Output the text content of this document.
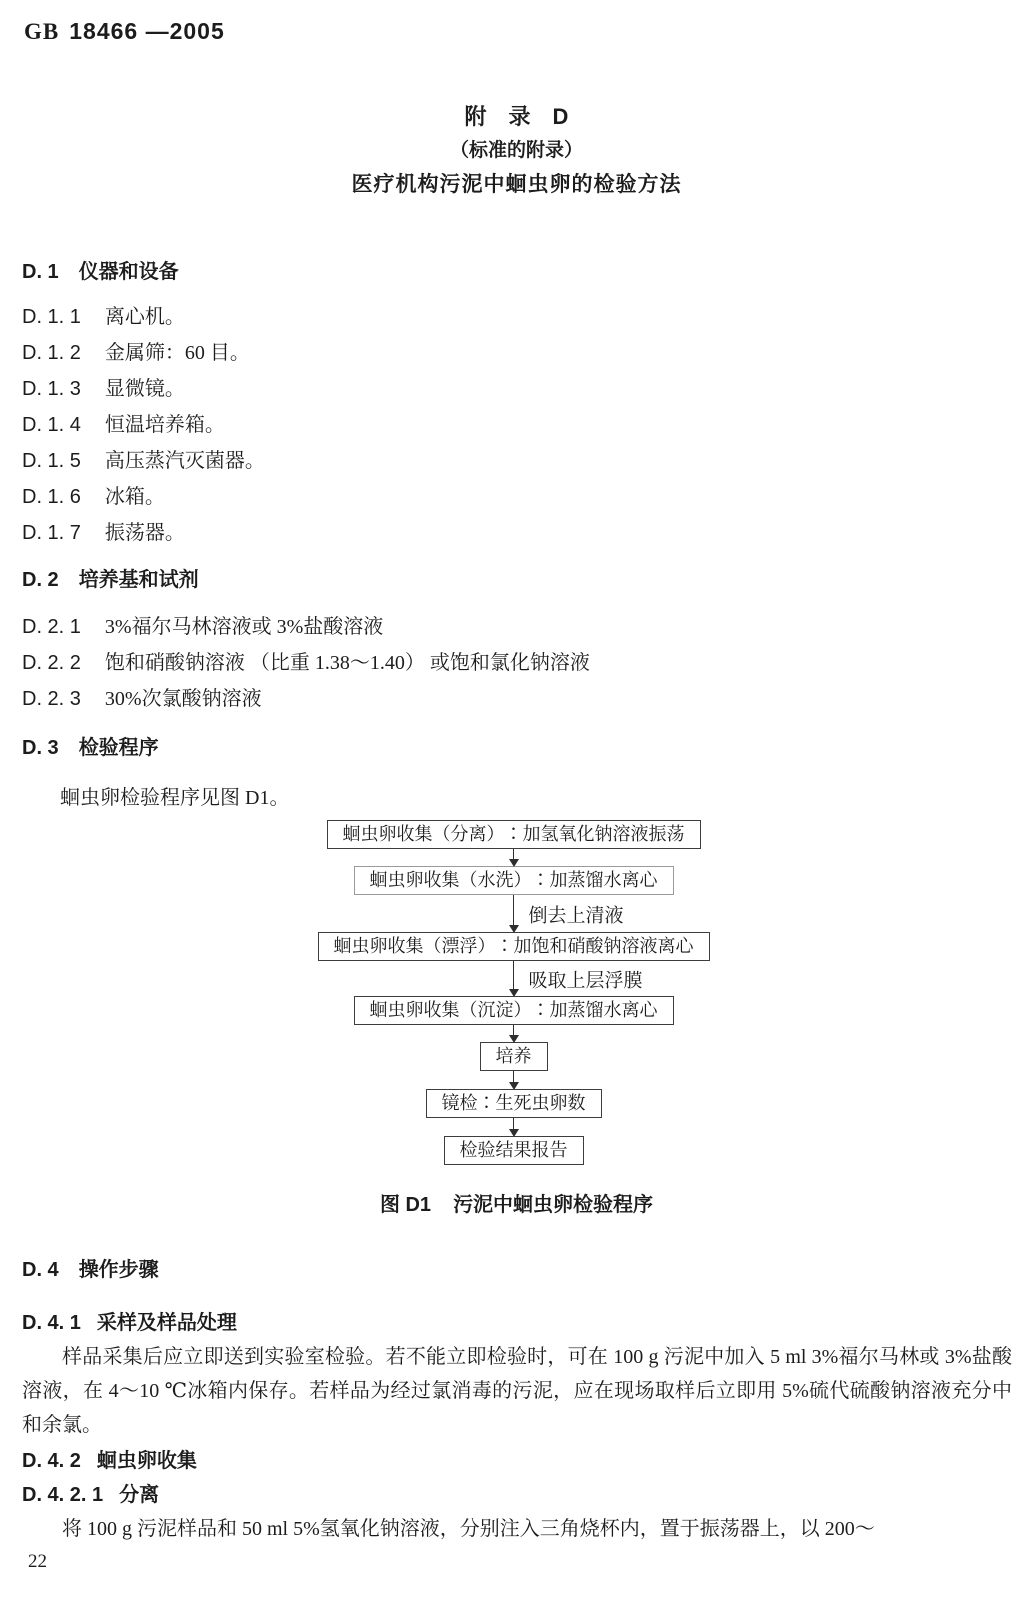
GB 18466 —2005
附　录　D
（标准的附录）
医疗机构污泥中蛔虫卵的检验方法
D. 1 仪器和设备
D. 1. 1 离心机。
D. 1. 2 金属筛：60 目。
D. 1. 3 显微镜。
D. 1. 4 恒温培养箱。
D. 1. 5 高压蒸汽灭菌器。
D. 1. 6 冰箱。
D. 1. 7 振荡器。
D. 2 培养基和试剂
D. 2. 1 3%福尔马林溶液或 3%盐酸溶液
D. 2. 2 饱和硝酸钠溶液 （比重 1.38～1.40） 或饱和氯化钠溶液
D. 2. 3 30%次氯酸钠溶液
D. 3 检验程序
蛔虫卵检验程序见图 D1。
蛔虫卵收集（分离）∶加氢氧化钠溶液振荡
蛔虫卵收集（水洗）∶加蒸馏水离心
倒去上清液
蛔虫卵收集（漂浮）∶加饱和硝酸钠溶液离心
吸取上层浮膜
蛔虫卵收集（沉淀）∶加蒸馏水离心
培养
镜检∶生死虫卵数
检验结果报告
图 D1 污泥中蛔虫卵检验程序
D. 4 操作步骤
D. 4. 1 采样及样品处理
样品采集后应立即送到实验室检验。若不能立即检验时，可在 100 g 污泥中加入 5 ml 3%福尔马林或 3%盐酸溶液，在 4～10 ℃冰箱内保存。若样品为经过氯消毒的污泥，应在现场取样后立即用 5%硫代硫酸钠溶液充分中和余氯。
D. 4. 2 蛔虫卵收集
D. 4. 2. 1 分离
将 100 g 污泥样品和 50 ml 5%氢氧化钠溶液，分别注入三角烧杯内，置于振荡器上，以 200～
22
